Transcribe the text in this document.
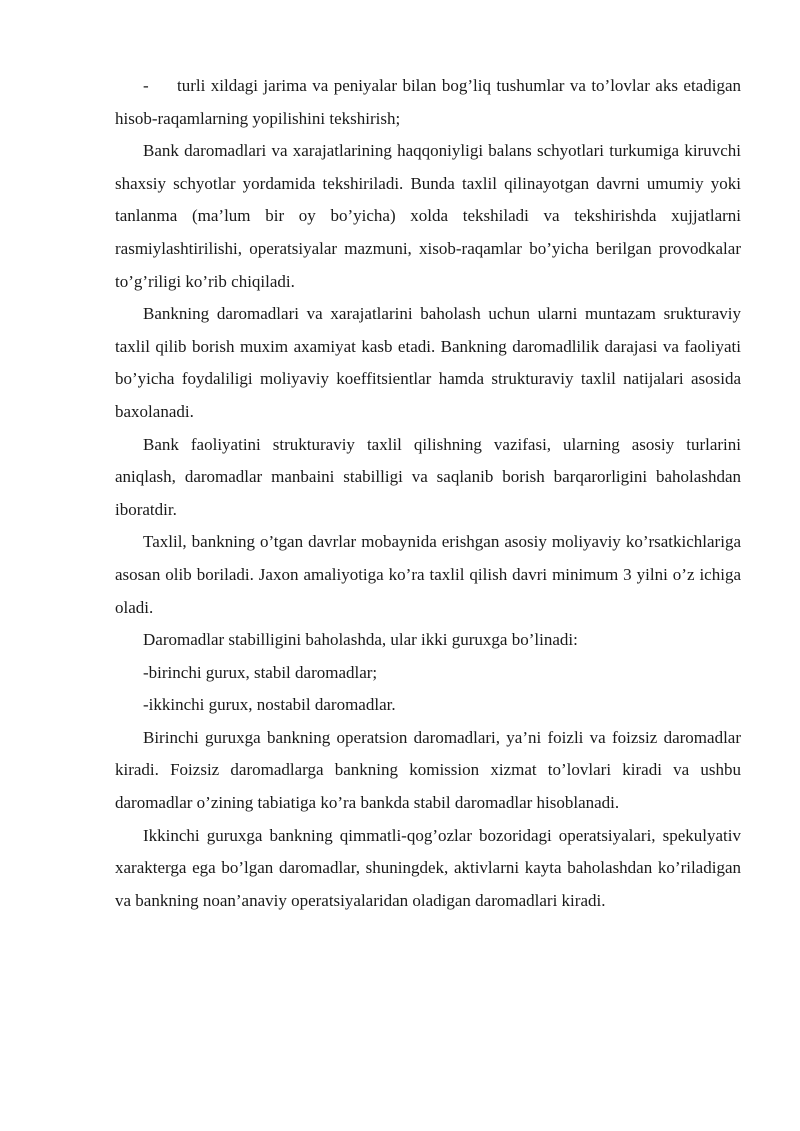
- turli xildagi jarima va peniyalar bilan bog’liq tushumlar va to’lovlar aks etadigan hisob-raqamlarning yopilishini tekshirish;

Bank daromadlari va xarajatlarining haqqoniyligi balans schyotlari turkumiga kiruvchi shaxsiy schyotlar yordamida tekshiriladi. Bunda taxlil qilinayotgan davrni umumiy yoki tanlanma (ma’lum bir oy bo’yicha) xolda tekshiladi va tekshirishda xujjatlarni rasmiylashtirilishi, operatsiyalar mazmuni, xisob-raqamlar bo’yicha berilgan provodkalar to’g’riligi ko’rib chiqiladi.

Bankning daromadlari va xarajatlarini baholash uchun ularni muntazam srukturaviy taxlil qilib borish muxim axamiyat kasb etadi. Bankning daromadlilik darajasi va faoliyati bo’yicha foydaliligi moliyaviy koeffitsientlar hamda strukturaviy taxlil natijalari asosida baxolanadi.

Bank faoliyatini strukturaviy taxlil qilishning vazifasi, ularning asosiy turlarini aniqlash, daromadlar manbaini stabilligi va saqlanib borish barqarorligini baholashdan iboratdir.

Taxlil, bankning o’tgan davrlar mobaynida erishgan asosiy moliyaviy ko’rsatkichlariga asosan olib boriladi. Jaxon amaliyotiga ko’ra taxlil qilish davri minimum 3 yilni o’z ichiga oladi.

Daromadlar stabilligini baholashda, ular ikki guruxga bo’linadi:

-birinchi gurux, stabil daromadlar;

-ikkinchi gurux, nostabil daromadlar.

Birinchi guruxga bankning operatsion daromadlari, ya’ni foizli va foizsiz daromadlar kiradi. Foizsiz daromadlarga bankning komission xizmat to’lovlari kiradi va ushbu daromadlar o’zining tabiatiga ko’ra bankda stabil daromadlar hisoblanadi.

Ikkinchi guruxga bankning qimmatli-qog’ozlar bozoridagi operatsiyalari, spekulyativ xarakterga ega bo’lgan daromadlar, shuningdek, aktivlarni kayta baholashdan ko’riladigan va bankning noan’anaviy operatsiyalaridan oladigan daromadlari kiradi.
